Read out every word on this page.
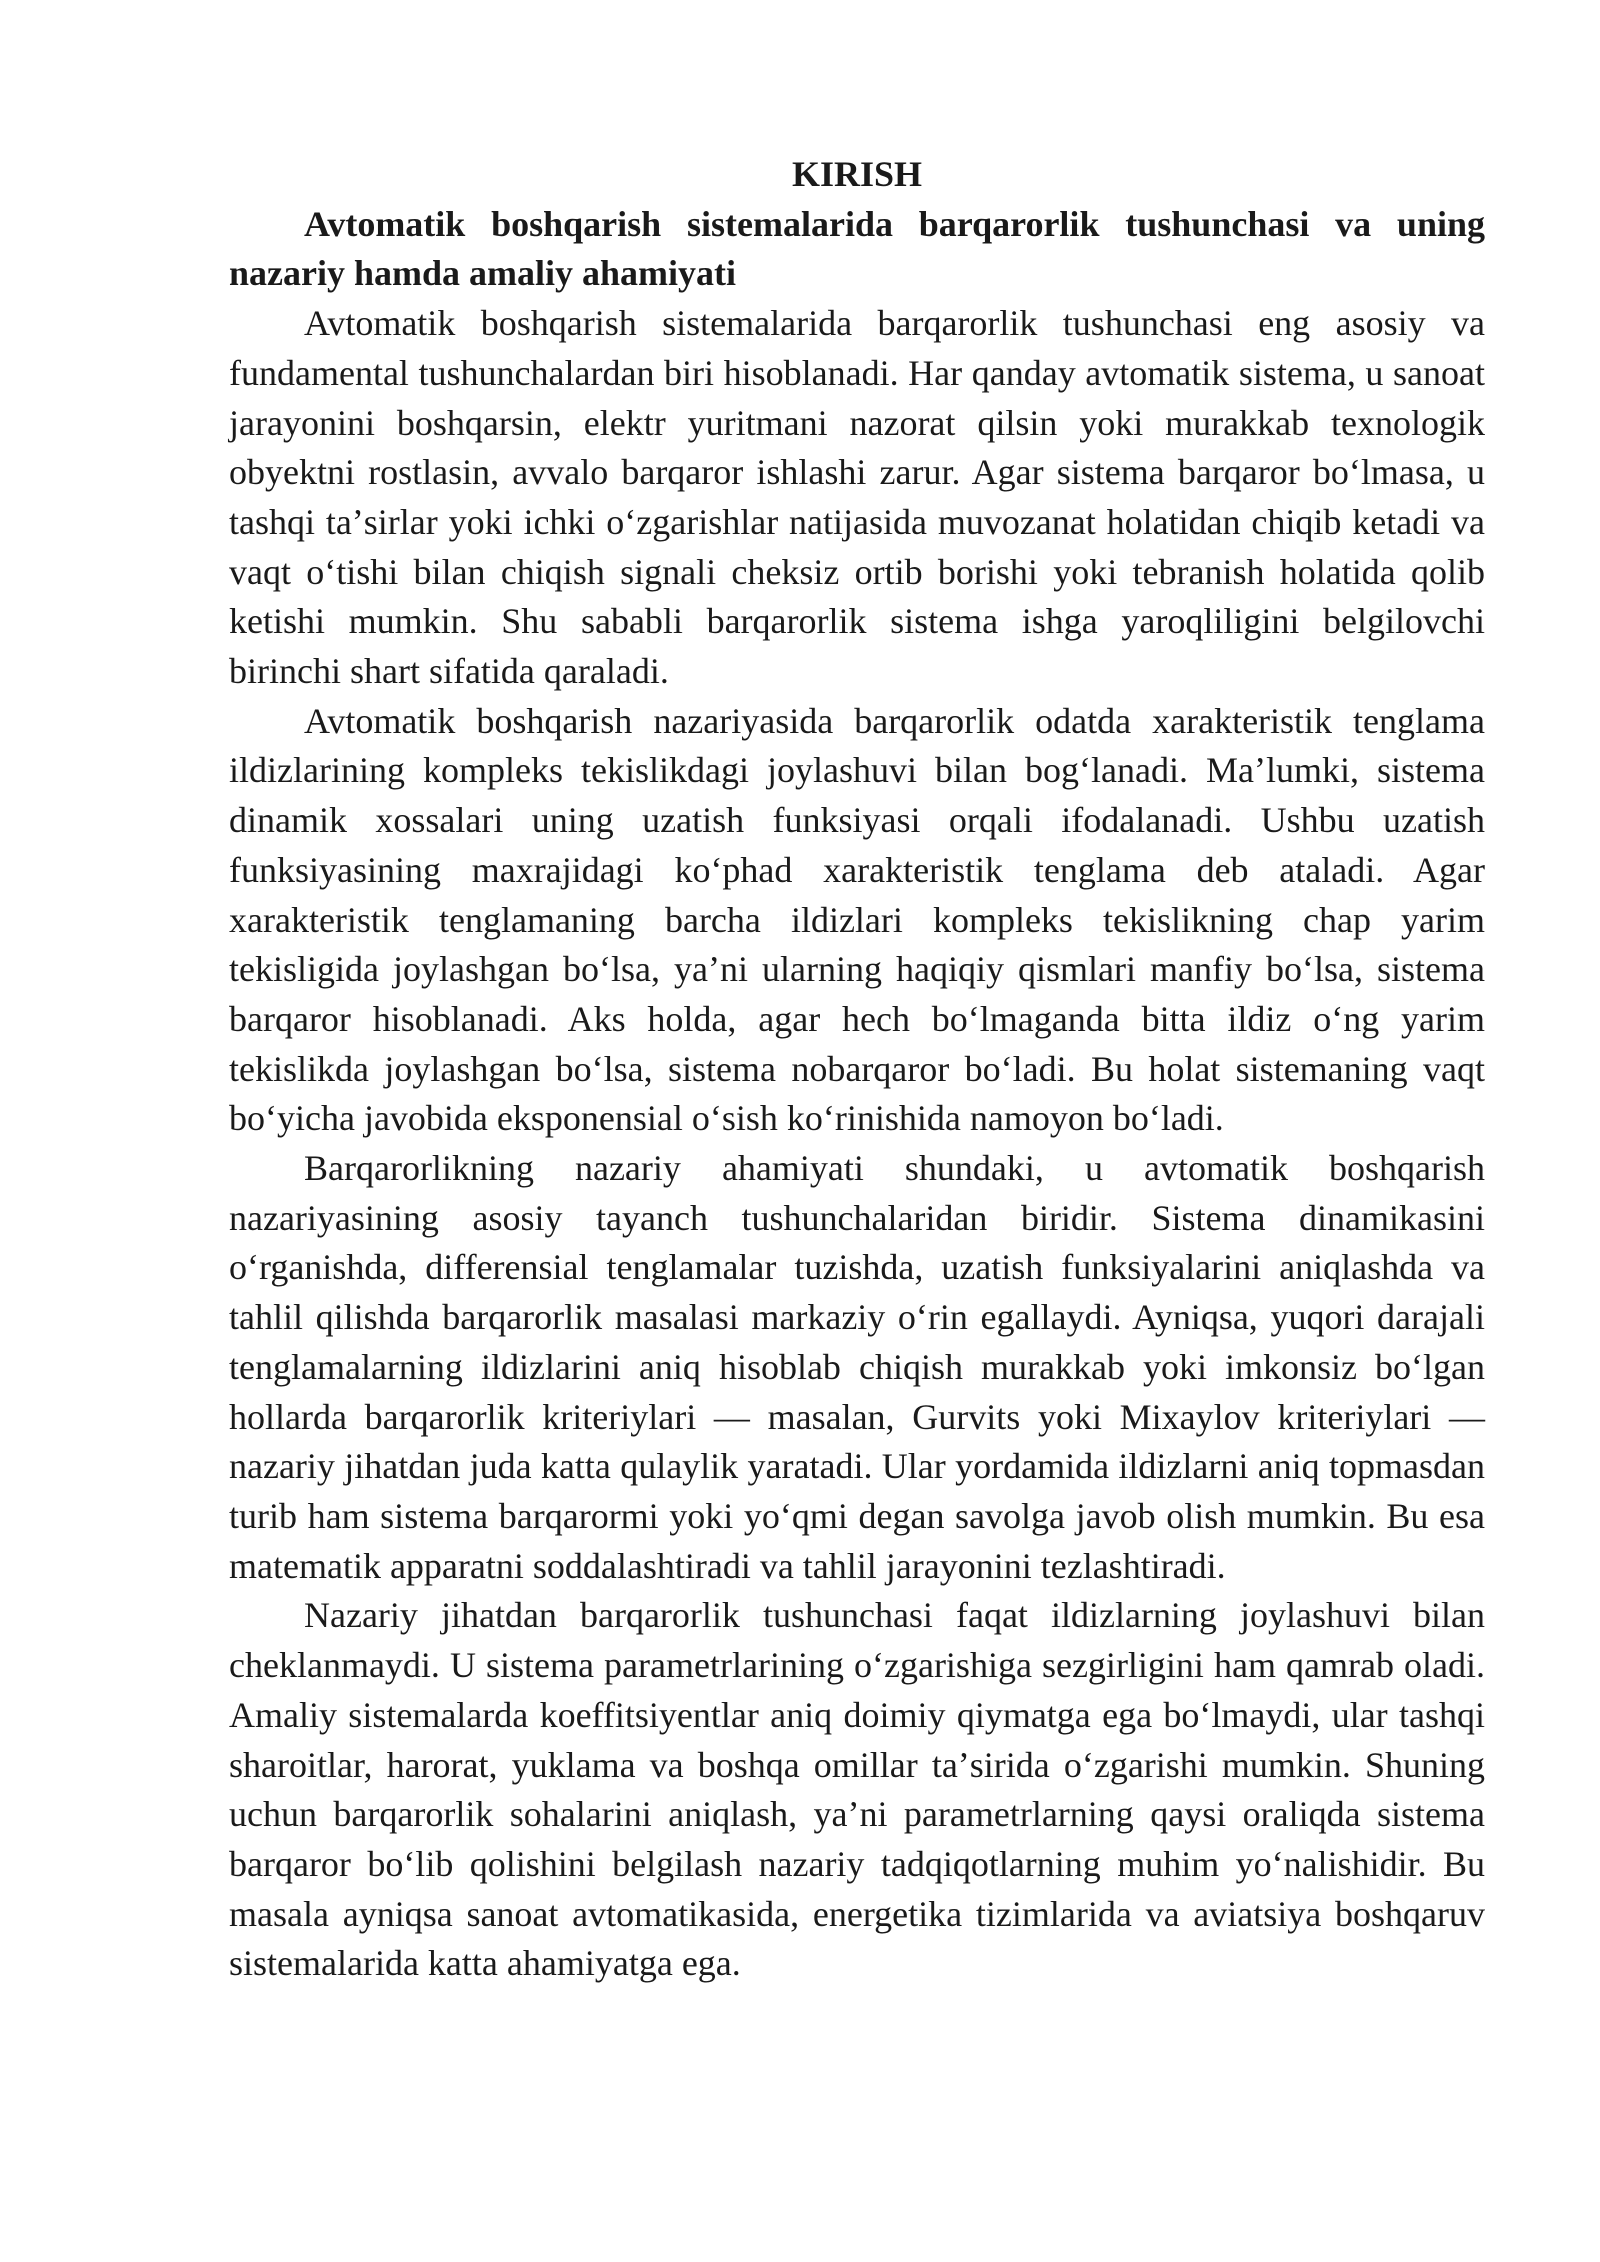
KIRISH

Avtomatik boshqarish sistemalarida barqarorlik tushunchasi va uning nazariy hamda amaliy ahamiyati

Avtomatik boshqarish sistemalarida barqarorlik tushunchasi eng asosiy va fundamental tushunchalardan biri hisoblanadi. Har qanday avtomatik sistema, u sanoat jarayonini boshqarsin, elektr yuritmani nazorat qilsin yoki murakkab texnologik obyektni rostlasin, avvalo barqaror ishlashi zarur. Agar sistema barqaror boʻlmasa, u tashqi taʼsirlar yoki ichki oʻzgarishlar natijasida muvozanat holatidan chiqib ketadi va vaqt oʻtishi bilan chiqish signali cheksiz ortib borishi yoki tebranish holatida qolib ketishi mumkin. Shu sababli barqarorlik sistema ishga yaroqliligini belgilovchi birinchi shart sifatida qaraladi.

Avtomatik boshqarish nazariyasida barqarorlik odatda xarakteristik tenglama ildizlarining kompleks tekislikdagi joylashuvi bilan bogʻlanadi. Maʼlumki, sistema dinamik xossalari uning uzatish funksiyasi orqali ifodalanadi. Ushbu uzatish funksiyasining maxrajidagi koʻphad xarakteristik tenglama deb ataladi. Agar xarakteristik tenglamaning barcha ildizlari kompleks tekislikning chap yarim tekisligida joylashgan boʻlsa, yaʼni ularning haqiqiy qismlari manfiy boʻlsa, sistema barqaror hisoblanadi. Aks holda, agar hech boʻlmaganda bitta ildiz oʻng yarim tekislikda joylashgan boʻlsa, sistema nobarqaror boʻladi. Bu holat sistemaning vaqt boʻyicha javobida eksponensial oʻsish koʻrinishida namoyon boʻladi.

Barqarorlikning nazariy ahamiyati shundaki, u avtomatik boshqarish nazariyasining asosiy tayanch tushunchalaridan biridir. Sistema dinamikasini oʻrganishda, differensial tenglamalar tuzishda, uzatish funksiyalarini aniqlashda va tahlil qilishda barqarorlik masalasi markaziy oʻrin egallaydi. Ayniqsa, yuqori darajali tenglamalarning ildizlarini aniq hisoblab chiqish murakkab yoki imkonsiz boʻlgan hollarda barqarorlik kriteriylari — masalan, Gurvits yoki Mixaylov kriteriylari — nazariy jihatdan juda katta qulaylik yaratadi. Ular yordamida ildizlarni aniq topmasdan turib ham sistema barqarormi yoki yoʻqmi degan savolga javob olish mumkin. Bu esa matematik apparatni soddalashtiradi va tahlil jarayonini tezlashtiradi.

Nazariy jihatdan barqarorlik tushunchasi faqat ildizlarning joylashuvi bilan cheklanmaydi. U sistema parametrlarining oʻzgarishiga sezgirligini ham qamrab oladi. Amaliy sistemalarda koeffitsiyentlar aniq doimiy qiymatga ega boʻlmaydi, ular tashqi sharoitlar, harorat, yuklama va boshqa omillar taʼsirida oʻzgarishi mumkin. Shuning uchun barqarorlik sohalarini aniqlash, yaʼni parametrlarning qaysi oraliqda sistema barqaror boʻlib qolishini belgilash nazariy tadqiqotlarning muhim yoʻnalishidir. Bu masala ayniqsa sanoat avtomatikasida, energetika tizimlarida va aviatsiya boshqaruv sistemalarida katta ahamiyatga ega.
